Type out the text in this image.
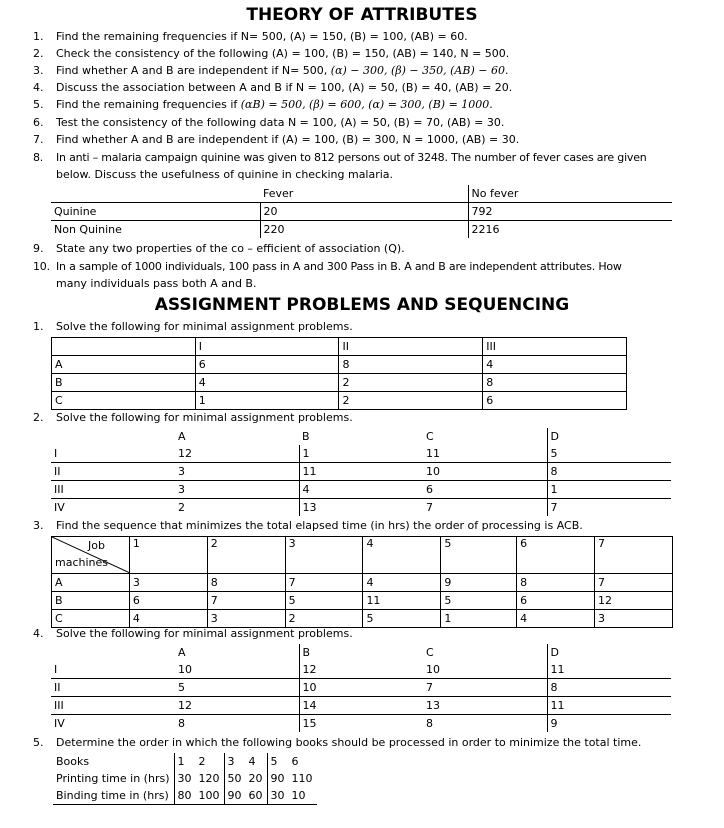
THEORY OF ATTRIBUTES
1. Find the remaining frequencies if N= 500, (A) = 150, (B) = 100, (AB) = 60.
2. Check the consistency of the following (A) = 100, (B) = 150, (AB) = 140, N = 500.
3. Find whether A and B are independent if N= 500, (α) − 300, (β) − 350, (AB) − 60.
4. Discuss the association between A and B if N = 100, (A) = 50, (B) = 40, (AB) = 20.
5. Find the remaining frequencies if (αB) = 500, (β) = 600, (α) = 300, (B) = 1000.
6. Test the consistency of the following data N = 100, (A) = 50, (B) = 70, (AB) = 30.
7. Find whether A and B are independent if (A) = 100, (B) = 300, N = 1000, (AB) = 30.
8. In anti – malaria campaign quinine was given to 812 persons out of 3248. The number of fever cases are given
below. Discuss the usefulness of quinine in checking malaria.
	Fever	No fever
Quinine	20	792
Non Quinine	220	2216
9. State any two properties of the co – efficient of association (Q).
10. In a sample of 1000 individuals, 100 pass in A and 300 Pass in B. A and B are independent attributes. How
many individuals pass both A and B.
ASSIGNMENT PROBLEMS AND SEQUENCING
1. Solve the following for minimal assignment problems.
	I	II	III
A	6	8	4
B	4	2	8
C	1	2	6
2. Solve the following for minimal assignment problems.
	A	B	C	D
I	12	1	11	5
II	3	11	10	8
III	3	4	6	1
IV	2	13	7	7
3. Find the sequence that minimizes the total elapsed time (in hrs) the order of processing is ACB.
Job
machines	1	2	3	4	5	6	7
A	3	8	7	4	9	8	7
B	6	7	5	11	5	6	12
C	4	3	2	5	1	4	3
4. Solve the following for minimal assignment problems.
	A	B	C	D
I	10	12	10	11
II	5	10	7	8
III	12	14	13	11
IV	8	15	8	9
5. Determine the order in which the following books should be processed in order to minimize the total time.
Books	1	2	3	4	5	6
Printing time in (hrs)	30	120	50	20	90	110
Binding time in (hrs)	80	100	90	60	30	10
